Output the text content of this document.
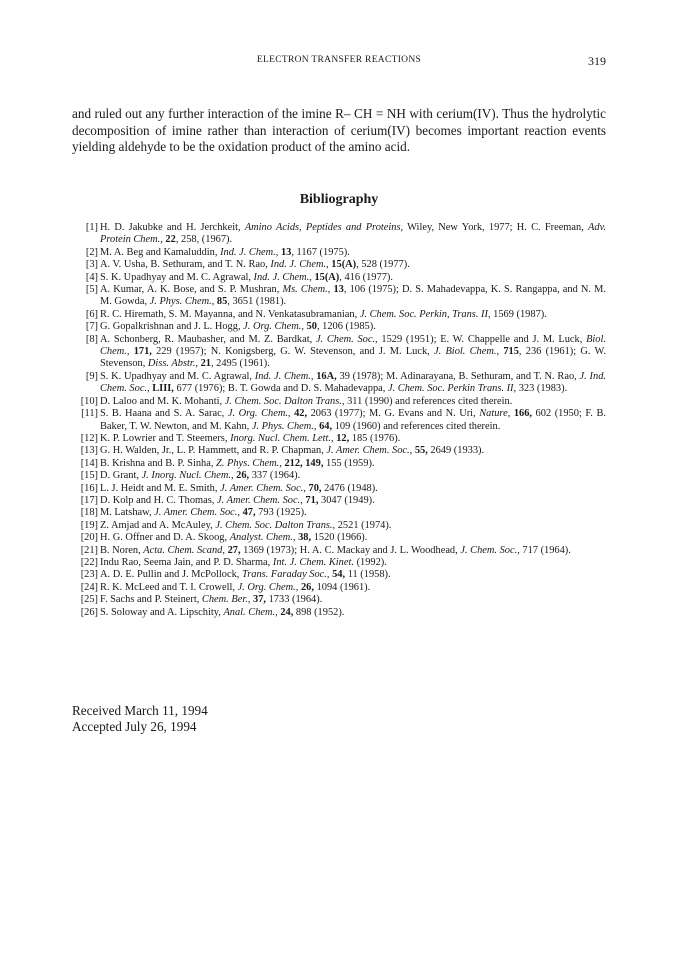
ELECTRON TRANSFER REACTIONS	319

and ruled out any further interaction of the imine R– CH = NH with cerium(IV). Thus the hydrolytic decomposition of imine rather than interaction of cerium(IV) becomes important reaction events yielding aldehyde to be the oxidation product of the amino acid.

Bibliography
[1] H. D. Jakubke and H. Jerchkeit, Amino Acids, Peptides and Proteins, Wiley, New York, 1977; H. C. Freeman, Adv. Protein Chem., 22, 258, (1967).
[2] M. A. Beg and Kamaluddin, Ind. J. Chem., 13, 1167 (1975).
[3] A. V. Usha, B. Sethuram, and T. N. Rao, Ind. J. Chem., 15(A), 528 (1977).
[4] S. K. Upadhyay and M. C. Agrawal, Ind. J. Chem., 15(A), 416 (1977).
[5] A. Kumar, A. K. Bose, and S. P. Mushran, Ms. Chem., 13, 106 (1975); D. S. Mahadevappa, K. S. Rangappa, and N. M. M. Gowda, J. Phys. Chem., 85, 3651 (1981).
[6] R. C. Hiremath, S. M. Mayanna, and N. Venkatasubramanian, J. Chem. Soc. Perkin, Trans. II, 1569 (1987).
[7] G. Gopalkrishnan and J. L. Hogg, J. Org. Chem., 50, 1206 (1985).
[8] A. Schonberg, R. Maubasher, and M. Z. Bardkat, J. Chem. Soc., 1529 (1951); E. W. Chappelle and J. M. Luck, Biol. Chem., 171, 229 (1957); N. Konigsberg, G. W. Stevenson, and J. M. Luck, J. Biol. Chem., 715, 236 (1961); G. W. Stevenson, Diss. Abstr., 21, 2495 (1961).
[9] S. K. Upadhyay and M. C. Agrawal, Ind. J. Chem., 16A, 39 (1978); M. Adinarayana, B. Sethuram, and T. N. Rao, J. Ind. Chem. Soc., LIII, 677 (1976); B. T. Gowda and D. S. Mahadevappa, J. Chem. Soc. Perkin Trans. II, 323 (1983).
[10] D. Laloo and M. K. Mohanti, J. Chem. Soc. Dalton Trans., 311 (1990) and references cited therein.
[11] S. B. Haana and S. A. Sarac, J. Org. Chem., 42, 2063 (1977); M. G. Evans and N. Uri, Nature, 166, 602 (1950; F. B. Baker, T. W. Newton, and M. Kahn, J. Phys. Chem., 64, 109 (1960) and references cited therein.
[12] K. P. Lowrier and T. Steemers, Inorg. Nucl. Chem. Lett., 12, 185 (1976).
[13] G. H. Walden, Jr., L. P. Hammett, and R. P. Chapman, J. Amer. Chem. Soc., 55, 2649 (1933).
[14] B. Krishna and B. P. Sinha, Z. Phys. Chem., 212, 149, 155 (1959).
[15] D. Grant, J. Inorg. Nucl. Chem., 26, 337 (1964).
[16] L. J. Heidt and M. E. Smith, J. Amer. Chem. Soc., 70, 2476 (1948).
[17] D. Kolp and H. C. Thomas, J. Amer. Chem. Soc., 71, 3047 (1949).
[18] M. Latshaw, J. Amer. Chem. Soc., 47, 793 (1925).
[19] Z. Amjad and A. McAuley, J. Chem. Soc. Dalton Trans., 2521 (1974).
[20] H. G. Offner and D. A. Skoog, Analyst. Chem., 38, 1520 (1966).
[21] B. Noren, Acta. Chem. Scand, 27, 1369 (1973); H. A. C. Mackay and J. L. Woodhead, J. Chem. Soc., 717 (1964).
[22] Indu Rao, Seema Jain, and P. D. Sharma, Int. J. Chem. Kinet. (1992).
[23] A. D. E. Pullin and J. McPollock, Trans. Faraday Soc., 54, 11 (1958).
[24] R. K. McLeed and T. I. Crowell, J. Org. Chem., 26, 1094 (1961).
[25] F. Sachs and P. Steinert, Chem. Ber., 37, 1733 (1964).
[26] S. Soloway and A. Lipschity, Anal. Chem., 24, 898 (1952).
Received March 11, 1994
Accepted July 26, 1994
